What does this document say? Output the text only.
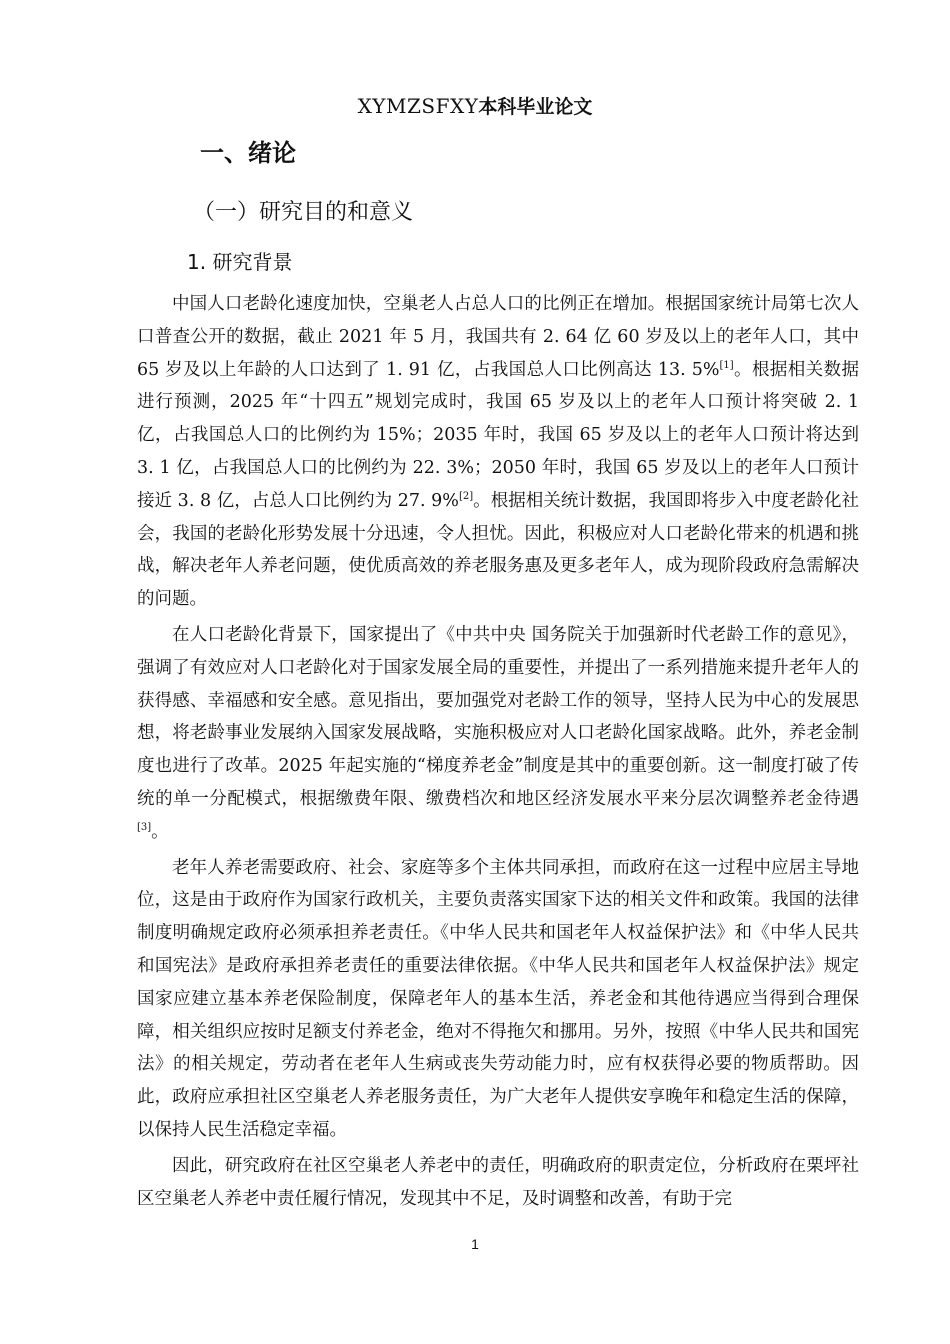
XYMZSFXY本科毕业论文
一、绪论
（一）研究目的和意义
1. 研究背景

中国人口老龄化速度加快，空巢老人占总人口的比例正在增加。根据国家统计局第七次人口普查公开的数据，截止 2021 年 5 月，我国共有 2. 64 亿 60 岁及以上的老年人口，其中 65 岁及以上年龄的人口达到了 1. 91 亿，占我国总人口比例高达 13. 5%[1]。根据相关数据进行预测，2025 年“十四五”规划完成时，我国 65 岁及以上的老年人口预计将突破 2. 1 亿，占我国总人口的比例约为 15%；2035 年时，我国 65 岁及以上的老年人口预计将达到 3. 1 亿，占我国总人口的比例约为 22. 3%；2050 年时，我国 65 岁及以上的老年人口预计接近 3. 8 亿，占总人口比例约为 27. 9%[2]。根据相关统计数据，我国即将步入中度老龄化社会，我国的老龄化形势发展十分迅速，令人担忧。因此，积极应对人口老龄化带来的机遇和挑战，解决老年人养老问题，使优质高效的养老服务惠及更多老年人，成为现阶段政府急需解决的问题。

在人口老龄化背景下，国家提出了《中共中央 国务院关于加强新时代老龄工作的意见》，强调了有效应对人口老龄化对于国家发展全局的重要性，并提出了一系列措施来提升老年人的获得感、幸福感和安全感。意见指出，要加强党对老龄工作的领导，坚持人民为中心的发展思想，将老龄事业发展纳入国家发展战略，实施积极应对人口老龄化国家战略。此外，养老金制度也进行了改革。2025 年起实施的“梯度养老金”制度是其中的重要创新。这一制度打破了传统的单一分配模式，根据缴费年限、缴费档次和地区经济发展水平来分层次调整养老金待遇[3]。

老年人养老需要政府、社会、家庭等多个主体共同承担，而政府在这一过程中应居主导地位，这是由于政府作为国家行政机关，主要负责落实国家下达的相关文件和政策。我国的法律制度明确规定政府必须承担养老责任。《中华人民共和国老年人权益保护法》和《中华人民共和国宪法》是政府承担养老责任的重要法律依据。《中华人民共和国老年人权益保护法》规定国家应建立基本养老保险制度，保障老年人的基本生活，养老金和其他待遇应当得到合理保障，相关组织应按时足额支付养老金，绝对不得拖欠和挪用。另外，按照《中华人民共和国宪法》的相关规定，劳动者在老年人生病或丧失劳动能力时，应有权获得必要的物质帮助。因此，政府应承担社区空巢老人养老服务责任，为广大老年人提供安享晚年和稳定生活的保障，以保持人民生活稳定幸福。

因此，研究政府在社区空巢老人养老中的责任，明确政府的职责定位，分析政府在栗坪社区空巢老人养老中责任履行情况，发现其中不足，及时调整和改善，有助于完

1
